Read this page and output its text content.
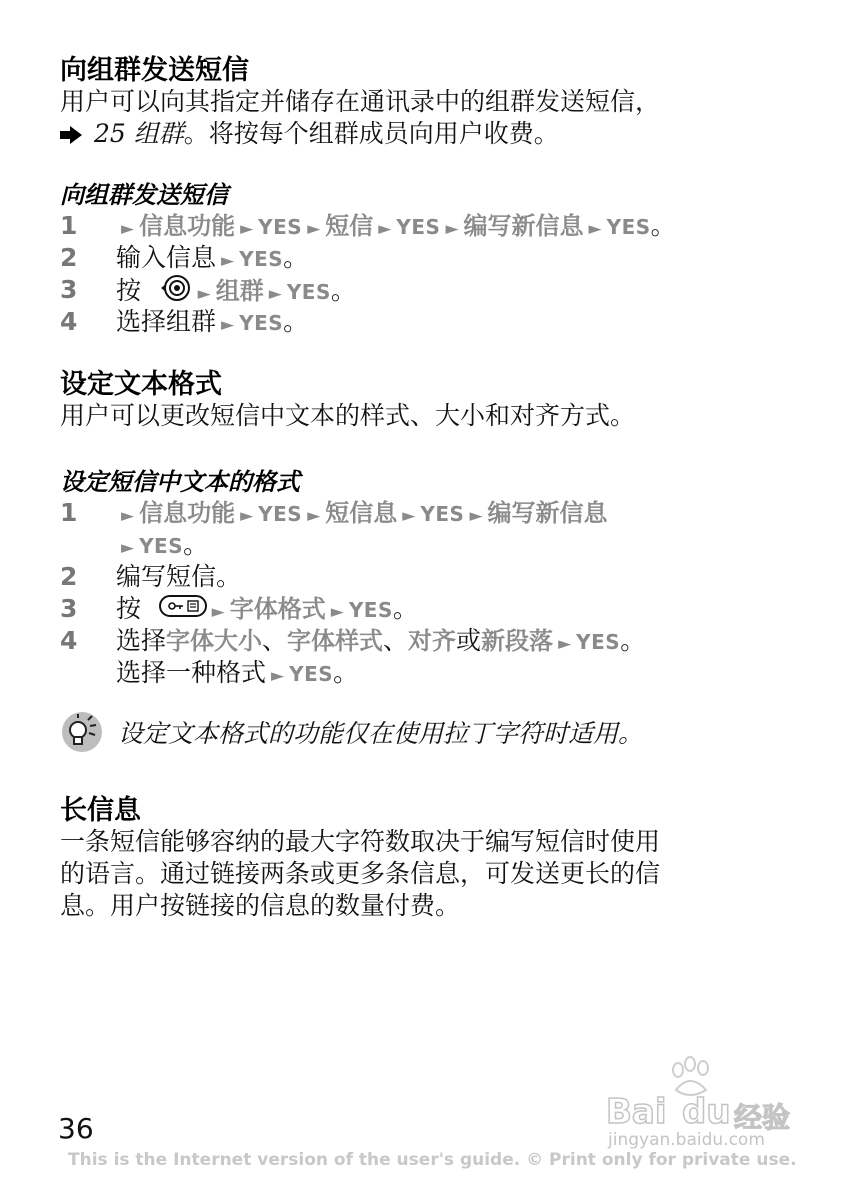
向组群发送短信

用户可以向其指定并储存在通讯录中的组群发送短信，
25 组群。将按每个组群成员向用户收费。

向组群发送短信
1	► 信息功能 ► YES ► 短信 ► YES ► 编写新信息 ► YES。
2	输入信息 ► YES。
3	按	► 组群 ► YES。
4	选择组群 ► YES。
设定文本格式

用户可以更改短信中文本的样式、大小和对齐方式。

设定短信中文本的格式
1	► 信息功能 ► YES ► 短信息 ► YES ► 编写新信息
► YES。
2	编写短信。
3	按	► 字体格式 ► YES。
4	选择字体大小、字体样式、对齐或新段落 ► YES。
选择一种格式 ► YES。
设定文本格式的功能仅在使用拉丁字符时适用。
长信息

一条短信能够容纳的最大字符数取决于编写短信时使用
的语言。通过链接两条或更多条信息，可发送更长的信
息。用户按链接的信息的数量付费。

Bai du 经验
jingyan.baidu.com
36
This is the Internet version of the user's guide. © Print only for private use.
